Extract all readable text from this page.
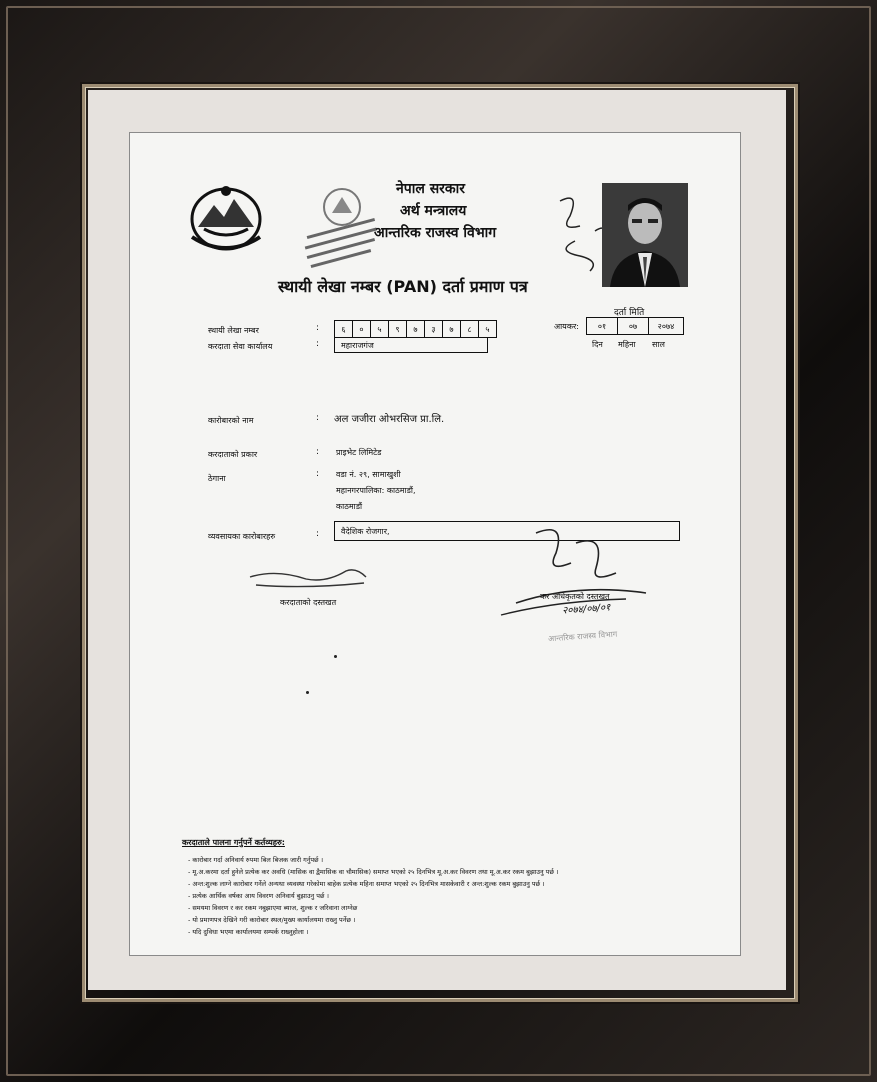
नेपाल सरकार
अर्थ मन्त्रालय
आन्तरिक राजस्व विभाग
स्थायी लेखा नम्बर (PAN) दर्ता प्रमाण पत्र
दर्ता मिति
आयकर:	०१	०७	२०७४
दिन महिना साल
स्थायी लेखा नम्बर	:	६	०	५	९	७	३	७	८	५
करदाता सेवा कार्यालय	:	महाराजगंज
कारोबारको नाम	: अल जजीरा ओभरसिज प्रा.लि.
करदाताको प्रकार	: प्राइभेट लिमिटेड
ठेगाना	: वडा नं. २९, सामाखुशी
महानगरपालिका: काठमाडौं,
काठमाडौं
व्यवसायका कारोबारहरु	:	वैदेशिक रोजगार,
करदाताको दस्तखत
कर अधिकृतको दस्तखत
२०७४/०७/०१
आन्तरिक राजस्व विभाग
करदाताले पालना गर्नुपर्ने कर्तव्यहरु:
- कारोबार गर्दा अनिवार्य रुपमा बिल बिजक जारी गर्नुपर्छ ।
- मू.अ.करमा दर्ता हुनेले प्रत्येक कर अवधि (मासिक वा द्वैमासिक वा चौमासिक) समाप्त भएको २५ दिनभित्र मू.अ.कर विवरण तथा मू.अ.कर रकम बुझाउनु पर्छ ।
- अन्त:शुल्क लाग्ने कारोबार गर्नेले अन्यथा व्यवस्था गरेकोमा बाहेक प्रत्येक महिना समाप्त भएको २५ दिनभित्र मासकेवारी र अन्त:शुल्क रकम बुझाउनु पर्छ ।
- प्रत्येक आर्थिक वर्षका आय विवरण अनिवार्य बुझाउनु पर्छ ।
- समयमा विवरण र कर रकम नबुझाएमा ब्याज, शुल्क र जरिवाना लाग्नेछ
- यो प्रमाणपत्र देखिने गरी कारोबार स्थल/मुख्य कार्यालयमा राख्नु पर्नेछ ।
- यदि दुविधा भएमा कार्यालयमा सम्पर्क राख्नुहोला ।
